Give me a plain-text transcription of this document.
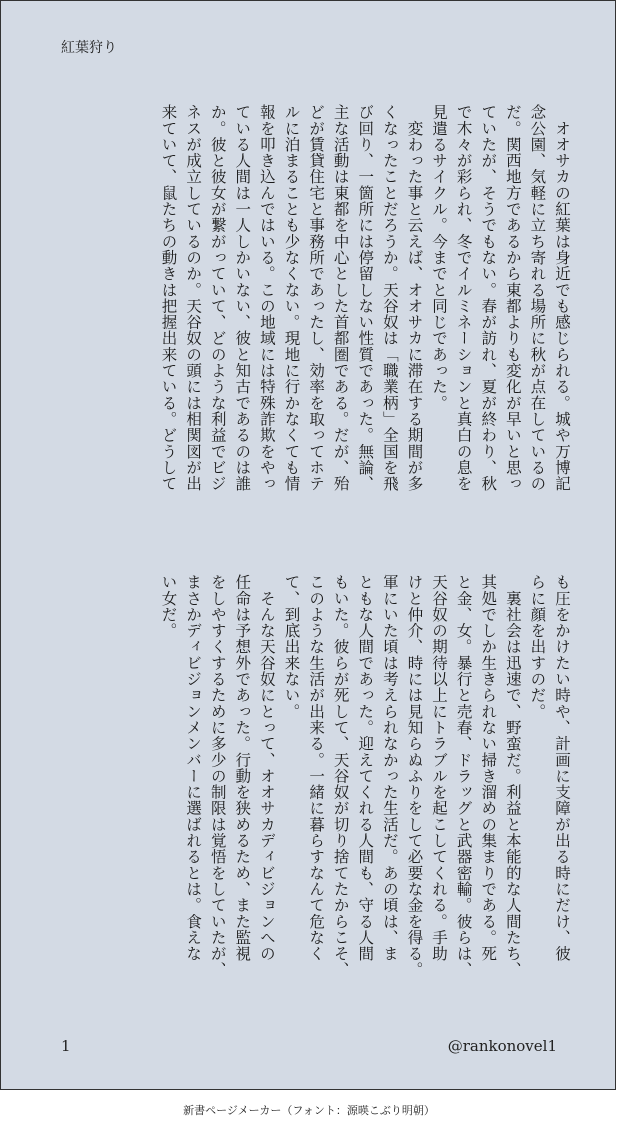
紅葉狩り
　オオサカの紅葉は身近でも感じられる。城や万博記
念公園、気軽に立ち寄れる場所に秋が点在しているの
だ。関西地方であるから東都よりも変化が早いと思っ
ていたが、そうでもない。春が訪れ、夏が終わり、秋
で木々が彩られ、冬でイルミネーションと真白の息を
見遣るサイクル。今までと同じであった。
　変わった事と云えば、オオサカに滞在する期間が多
くなったことだろうか。天谷奴は「職業柄」全国を飛
び回り、一箇所には停留しない性質であった。無論、
主な活動は東都を中心とした首都圏である。だが、殆
どが賃貸住宅と事務所であったし、効率を取ってホテ
ルに泊まることも少なくない。現地に行かなくても情
報を叩き込んではいる。この地域には特殊詐欺をやっ
ている人間は一人しかいない、彼と知古であるのは誰
か。彼と彼女が繋がっていて、どのような利益でビジ
ネスが成立しているのか。天谷奴の頭には相関図が出
来ていて、鼠たちの動きは把握出来ている。どうして
も圧をかけたい時や、計画に支障が出る時にだけ、彼
らに顔を出すのだ。
　裏社会は迅速で、野蛮だ。利益と本能的な人間たち、
其処でしか生きられない掃き溜めの集まりである。死
と金、女。暴行と売春、ドラッグと武器密輸。彼らは、
天谷奴の期待以上にトラブルを起こしてくれる。手助
けと仲介、時には見知らぬふりをして必要な金を得る。
軍にいた頃は考えられなかった生活だ。あの頃は、ま
ともな人間であった。迎えてくれる人間も、守る人間
もいた。彼らが死して、天谷奴が切り捨てたからこそ、
このような生活が出来る。一緒に暮らすなんて危なく
て、到底出来ない。
　そんな天谷奴にとって、オオサカディビジョンへの
任命は予想外であった。行動を狭めるため、また監視
をしやすくするために多少の制限は覚悟をしていたが、
まさかディビジョンメンバーに選ばれるとは。食えな
い女だ。
1	@rankonovel1
新書ページメーカー（フォント：源暎こぶり明朝）
